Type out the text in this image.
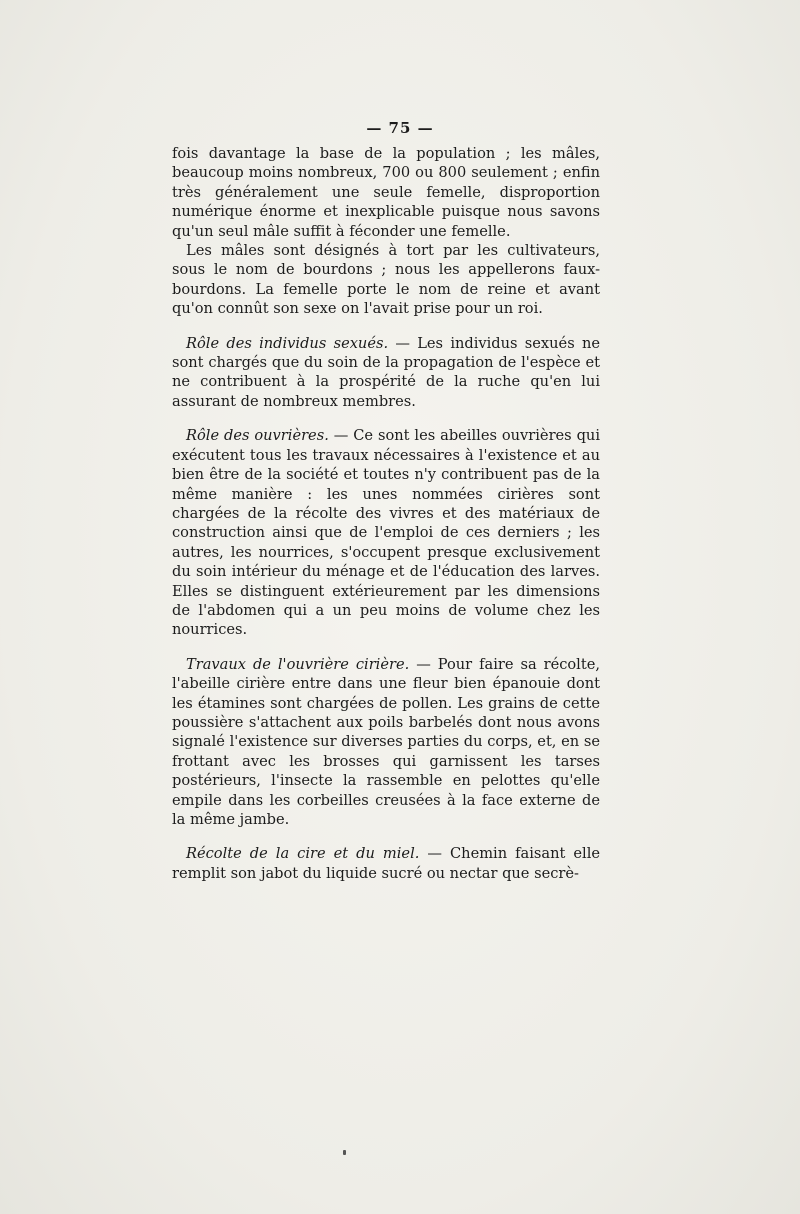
— 75 —

fois davantage la base de la population ; les mâles, beaucoup moins nombreux, 700 ou 800 seulement ; enfin très généralement une seule femelle, disproportion numérique énorme et inexplicable puisque nous savons qu'un seul mâle suffit à féconder une femelle.

Les mâles sont désignés à tort par les cultivateurs, sous le nom de bourdons ; nous les appellerons faux-bourdons. La femelle porte le nom de reine et avant qu'on connût son sexe on l'avait prise pour un roi.

Rôle des individus sexués. — Les individus sexués ne sont chargés que du soin de la propagation de l'espèce et ne contribuent à la prospérité de la ruche qu'en lui assurant de nombreux membres.

Rôle des ouvrières. — Ce sont les abeilles ouvrières qui exécutent tous les travaux nécessaires à l'existence et au bien être de la société et toutes n'y contribuent pas de la même manière : les unes nommées cirières sont chargées de la récolte des vivres et des matériaux de construction ainsi que de l'emploi de ces derniers ; les autres, les nourrices, s'occupent presque exclusivement du soin intérieur du ménage et de l'éducation des larves. Elles se distinguent extérieurement par les dimensions de l'abdomen qui a un peu moins de volume chez les nourrices.

Travaux de l'ouvrière cirière. — Pour faire sa récolte, l'abeille cirière entre dans une fleur bien épanouie dont les étamines sont chargées de pollen. Les grains de cette poussière s'attachent aux poils barbelés dont nous avons signalé l'existence sur diverses parties du corps, et, en se frottant avec les brosses qui garnissent les tarses postérieurs, l'insecte la rassemble en pelottes qu'elle empile dans les corbeilles creusées à la face externe de la même jambe.

Récolte de la cire et du miel. — Chemin faisant elle remplit son jabot du liquide sucré ou nectar que secrè-
